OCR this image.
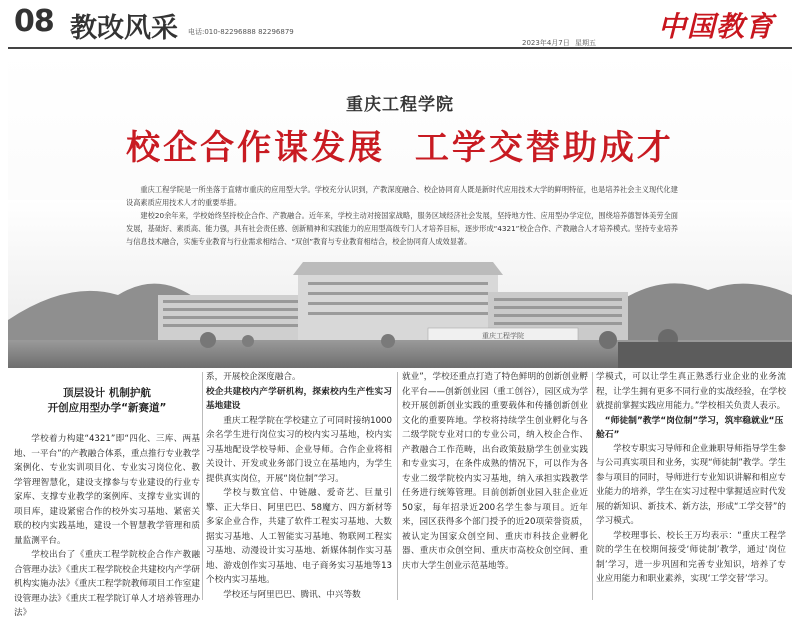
08 教改风采 电话:010-82296888 82296879
2023年4月7日 星期五 中国教育
重庆工程学院
重庆工程学院
校企合作谋发展  工学交替助成才

重庆工程学院是一所坐落于直辖市重庆的应用型大学。学校充分认识到，产教深度融合、校企协同育人既是新时代应用技术大学的鲜明特征，也是培养社会主义现代化建设高素质应用技术人才的重要举措。

建校20余年来，学校始终坚持校企合作、产教融合。近年来，学校主动对接国家战略，服务区域经济社会发展，坚持地方性、应用型办学定位，围绕培养德智体美劳全面发展，基础好、素质高、能力强，具有社会责任感、创新精神和实践能力的应用型高级专门人才培养目标，逐步形成“4321”校企合作、产教融合人才培养模式。坚持专业培养与信息技术融合，实施专业教育与行业需求相结合、“双创”教育与专业教育相结合，校企协同育人成效显著。

顶层设计 机制护航
开创应用型办学“新赛道”

学校着力构建“4321”即“四化、三库、两基地、一平台”的产教融合体系，重点推行专业教学案例化、专业实训项目化、专业实习岗位化、教学管理智慧化，建设支撑参与专业建设的行业专家库、支撑专业教学的案例库、支撑专业实训的项目库，建设紧密合作的校外实习基地、紧密关联的校内实践基地，建设一个智慧教学管理和质量监测平台。

学校出台了《重庆工程学院校企合作产教融合管理办法》《重庆工程学院校企共建校内产学研机构实施办法》《重庆工程学院教师项目工作室建设管理办法》《重庆工程学院订单人才培养管理办法》

系，开展校企深度融合。
校企共建校内产学研机构，探索校内生产性实习基地建设

重庆工程学院在学校建立了可同时接纳1000余名学生进行岗位实习的校内实习基地，校内实习基地配设学校导师、企业导师。合作企业将相关设计、开发或业务部门设立在基地内，为学生提供真实岗位，开展“岗位制”学习。

学校与数宜信、中链融、爱奇艺、巨量引擎、正大华日、阿里巴巴、58魔方、四方新材等多家企业合作，共建了软件工程实习基地、大数据实习基地、人工智能实习基地、物联网工程实习基地、动漫设计实习基地、新媒体制作实习基地、游戏创作实习基地、电子商务实习基地等13个校内实习基地。

学校还与阿里巴巴、腾讯、中兴等数

就业”，学校还重点打造了特色鲜明的创新创业孵化平台——创新创业园（重工创谷），园区成为学校开展创新创业实践的重要载体和传播创新创业文化的重要阵地。学校将持续学生创业孵化与各二级学院专业对口的专业公司，纳入校企合作、产教融合工作范畴，出台政策鼓励学生创业实践和专业实习，在条件成熟的情况下，可以作为各专业二级学院校内实习基地，纳入承担实践教学任务进行统筹管理。目前创新创业园入驻企业近50家，每年招录近200名学生参与项目。近年来，园区获得多个部门授予的近20项荣誉资质，被认定为国家众创空间、重庆市科技企业孵化器、重庆市众创空间、重庆市高校众创空间、重庆市大学生创业示范基地等。
学模式，可以让学生真正熟悉行业企业的业务流程，让学生拥有更多不同行业的实战经验，在学校就提前掌握实践应用能力。”学校相关负责人表示。
“师徒制”教学“岗位制”学习，筑牢稳就业“压舱石”

学校专职实习导师和企业兼职导师指导学生参与公司真实项目和业务，实现“师徒制”教学。学生参与项目的同时，导师进行专业知识讲解和相应专业能力的培养，学生在实习过程中掌握适应时代发展的新知识、新技术、新方法，形成“工学交替”的学习模式。

学校理事长、校长王万均表示：“重庆工程学院的学生在校期间接受‘师徒制’教学，通过‘岗位制’学习，进一步巩固和完善专业知识，培养了专业应用能力和职业素养，实现‘工学交替’学习。
